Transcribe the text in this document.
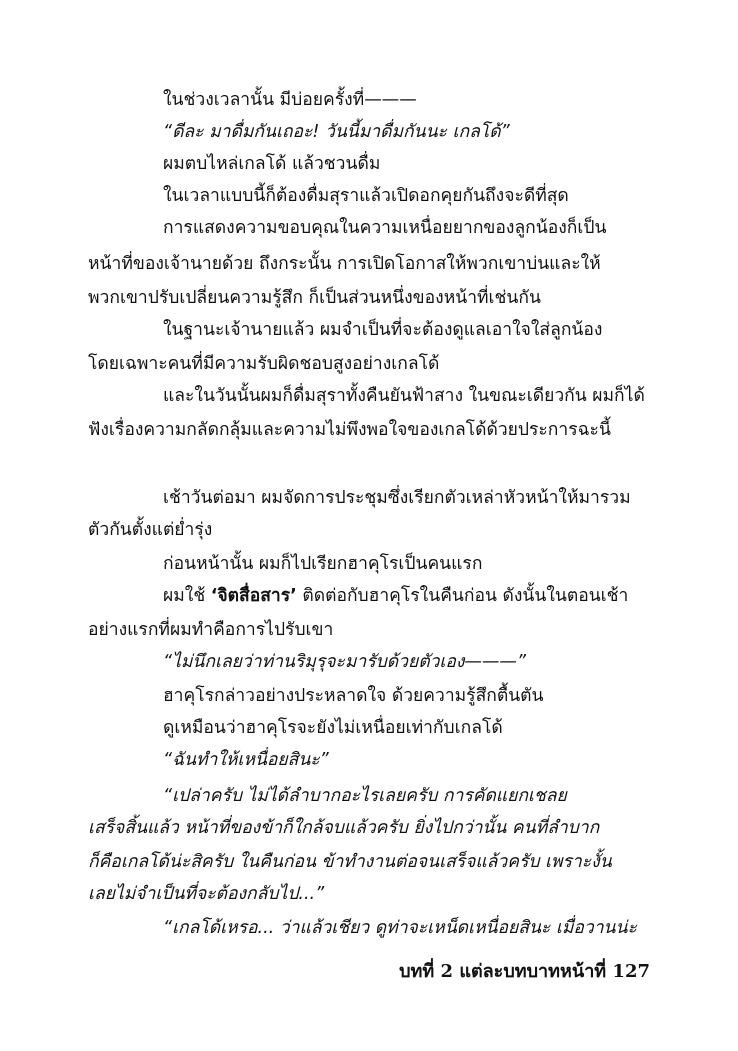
ในช่วงเวลานั้น มีบ่อยครั้งที่———
“ดีละ มาดื่มกันเถอะ! วันนี้มาดื่มกันนะ เกลโด้”
ผมตบไหล่เกลโด้ แล้วชวนดื่ม
ในเวลาแบบนี้ก็ต้องดื่มสุราแล้วเปิดอกคุยกันถึงจะดีที่สุด
การแสดงความขอบคุณในความเหนื่อยยากของลูกน้องก็เป็น
หน้าที่ของเจ้านายด้วย ถึงกระนั้น การเปิดโอกาสให้พวกเขาบ่นและให้
พวกเขาปรับเปลี่ยนความรู้สึก ก็เป็นส่วนหนึ่งของหน้าที่เช่นกัน
ในฐานะเจ้านายแล้ว ผมจำเป็นที่จะต้องดูแลเอาใจใส่ลูกน้อง
โดยเฉพาะคนที่มีความรับผิดชอบสูงอย่างเกลโด้
และในวันนั้นผมก็ดื่มสุราทั้งคืนยันฟ้าสาง ในขณะเดียวกัน ผมก็ได้
ฟังเรื่องความกลัดกลุ้มและความไม่พึงพอใจของเกลโด้ด้วยประการฉะนี้
เช้าวันต่อมา ผมจัดการประชุมซึ่งเรียกตัวเหล่าหัวหน้าให้มารวม
ตัวกันตั้งแต่ย่ำรุ่ง
ก่อนหน้านั้น ผมก็ไปเรียกฮาคุโรเป็นคนแรก
ผมใช้ ‘จิตสื่อสาร’ ติดต่อกับฮาคุโรในคืนก่อน ดังนั้นในตอนเช้า
อย่างแรกที่ผมทำคือการไปรับเขา
“ไม่นึกเลยว่าท่านริมุรุจะมารับด้วยตัวเอง———”
ฮาคุโรกล่าวอย่างประหลาดใจ ด้วยความรู้สึกตื้นตัน
ดูเหมือนว่าฮาคุโรจะยังไม่เหนื่อยเท่ากับเกลโด้
“ฉันทำให้เหนื่อยสินะ”
“เปล่าครับ ไม่ได้ลำบากอะไรเลยครับ การคัดแยกเชลย
เสร็จสิ้นแล้ว หน้าที่ของข้าก็ใกล้จบแล้วครับ ยิ่งไปกว่านั้น คนที่ลำบาก
ก็คือเกลโด้น่ะสิครับ ในคืนก่อน ข้าทำงานต่อจนเสร็จแล้วครับ เพราะงั้น
เลยไม่จำเป็นที่จะต้องกลับไป...”
“เกลโด้เหรอ... ว่าแล้วเชียว ดูท่าจะเหน็ดเหนื่อยสินะ เมื่อวานน่ะ
บทที่ 2 แต่ละบทบาทหน้าที่ 127
